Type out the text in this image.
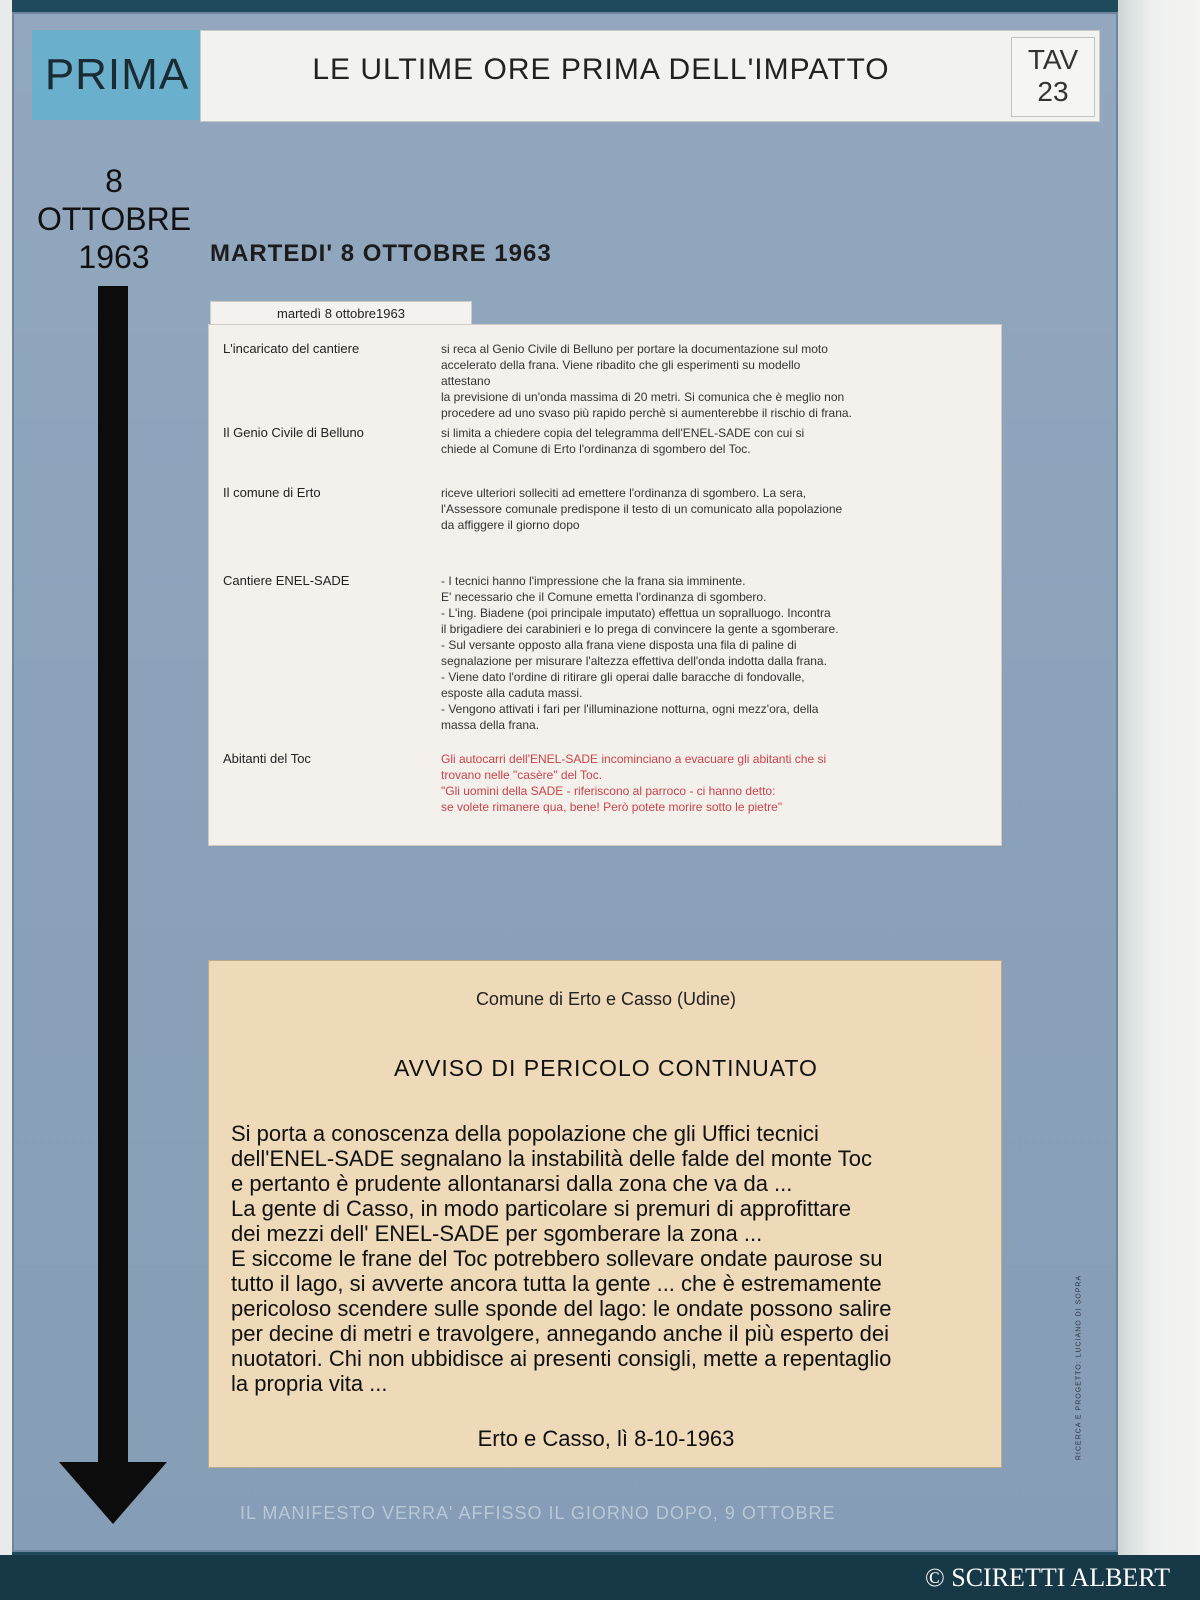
PRIMA	LE ULTIME ORE PRIMA DELL'IMPATTO	TAV
23
8
OTTOBRE
1963	MARTEDI' 8 OTTOBRE 1963
martedì 8 ottobre1963
L'incaricato del cantiere	si reca al Genio Civile di Belluno per portare la documentazione sul moto
accelerato della frana. Viene ribadito che gli esperimenti su modello
attestano
la previsione di un'onda massima di 20 metri. Si comunica che è meglio non
procedere ad uno svaso più rapido perchè si aumenterebbe il rischio di frana.
Il Genio Civile di Belluno	si limita a chiedere copia del telegramma dell'ENEL-SADE con cui si
chiede al Comune di Erto l'ordinanza di sgombero del Toc.
Il comune di Erto	riceve ulteriori solleciti ad emettere l'ordinanza di sgombero. La sera,
l'Assessore comunale predispone il testo di un comunicato alla popolazione
da affiggere il giorno dopo
Cantiere ENEL-SADE	- I tecnici hanno l'impressione che la frana sia imminente.
E' necessario che il Comune emetta l'ordinanza di sgombero.
- L'ing. Biadene (poi principale imputato) effettua un sopralluogo. Incontra
il brigadiere dei carabinieri e lo prega di convincere la gente a sgomberare.
- Sul versante opposto alla frana viene disposta una fila di paline di
segnalazione per misurare l'altezza effettiva dell'onda indotta dalla frana.
- Viene dato l'ordine di ritirare gli operai dalle baracche di fondovalle,
esposte alla caduta massi.
- Vengono attivati i fari per l'illuminazione notturna, ogni mezz'ora, della
massa della frana.
Abitanti del Toc	Gli autocarri dell'ENEL-SADE incominciano a evacuare gli abitanti che si
trovano nelle "casère" del Toc.
"Gli uomini della SADE - riferiscono al parroco - ci hanno detto:
se volete rimanere qua, bene! Però potete morire sotto le pietre"
Comune di Erto e Casso (Udine)
AVVISO DI PERICOLO CONTINUATO
Si porta a conoscenza della popolazione che gli Uffici tecnici
dell'ENEL-SADE segnalano la instabilità delle falde del monte Toc
e pertanto è prudente allontanarsi dalla zona che va da ...
La gente di Casso, in modo particolare si premuri di approfittare
dei mezzi dell' ENEL-SADE per sgomberare la zona ...
E siccome le frane del Toc potrebbero sollevare ondate paurose su
tutto il lago, si avverte ancora tutta la gente ... che è estremamente
pericoloso scendere sulle sponde del lago: le ondate possono salire
per decine di metri e travolgere, annegando anche il più esperto dei
nuotatori. Chi non ubbidisce ai presenti consigli, mette a repentaglio
la propria vita ...
Erto e Casso, lì 8-10-1963
IL MANIFESTO VERRA' AFFISSO IL GIORNO DOPO, 9 OTTOBRE
RICERCA E PROGETTO: LUCIANO DI SOPRA
© SCIRETTI ALBERT
